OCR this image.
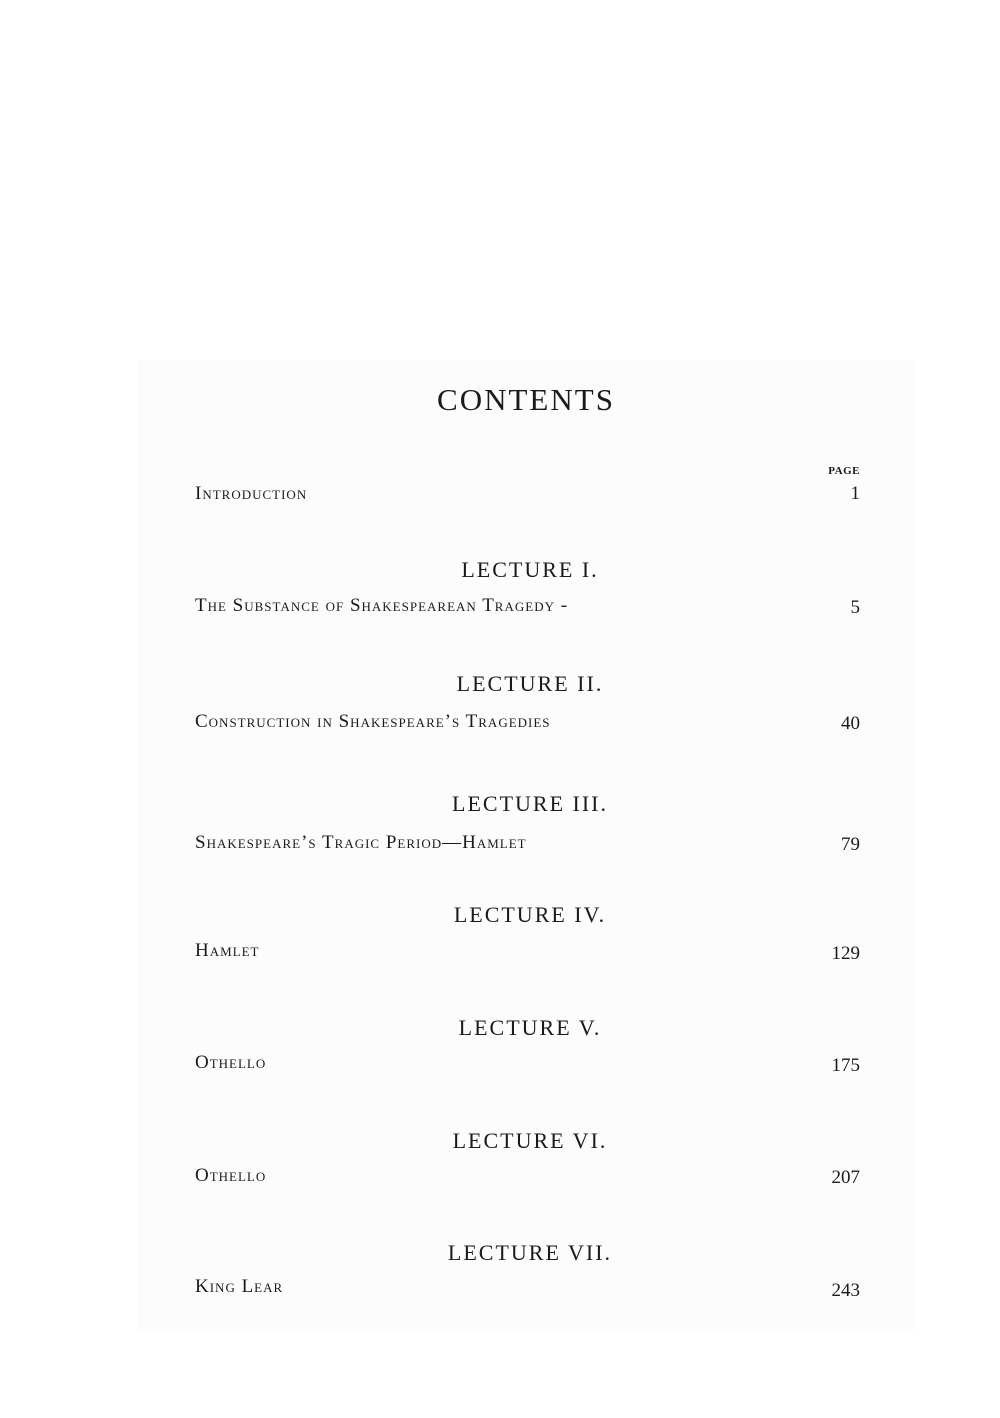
CONTENTS
PAGE
Introduction	1
LECTURE I.
The Substance of Shakespearean Tragedy -	5
LECTURE II.
Construction in Shakespeare’s Tragedies	40
LECTURE III.
Shakespeare’s Tragic Period—Hamlet	79
LECTURE IV.
Hamlet	129
LECTURE V.
Othello	175
LECTURE VI.
Othello	207
LECTURE VII.
King Lear	243
